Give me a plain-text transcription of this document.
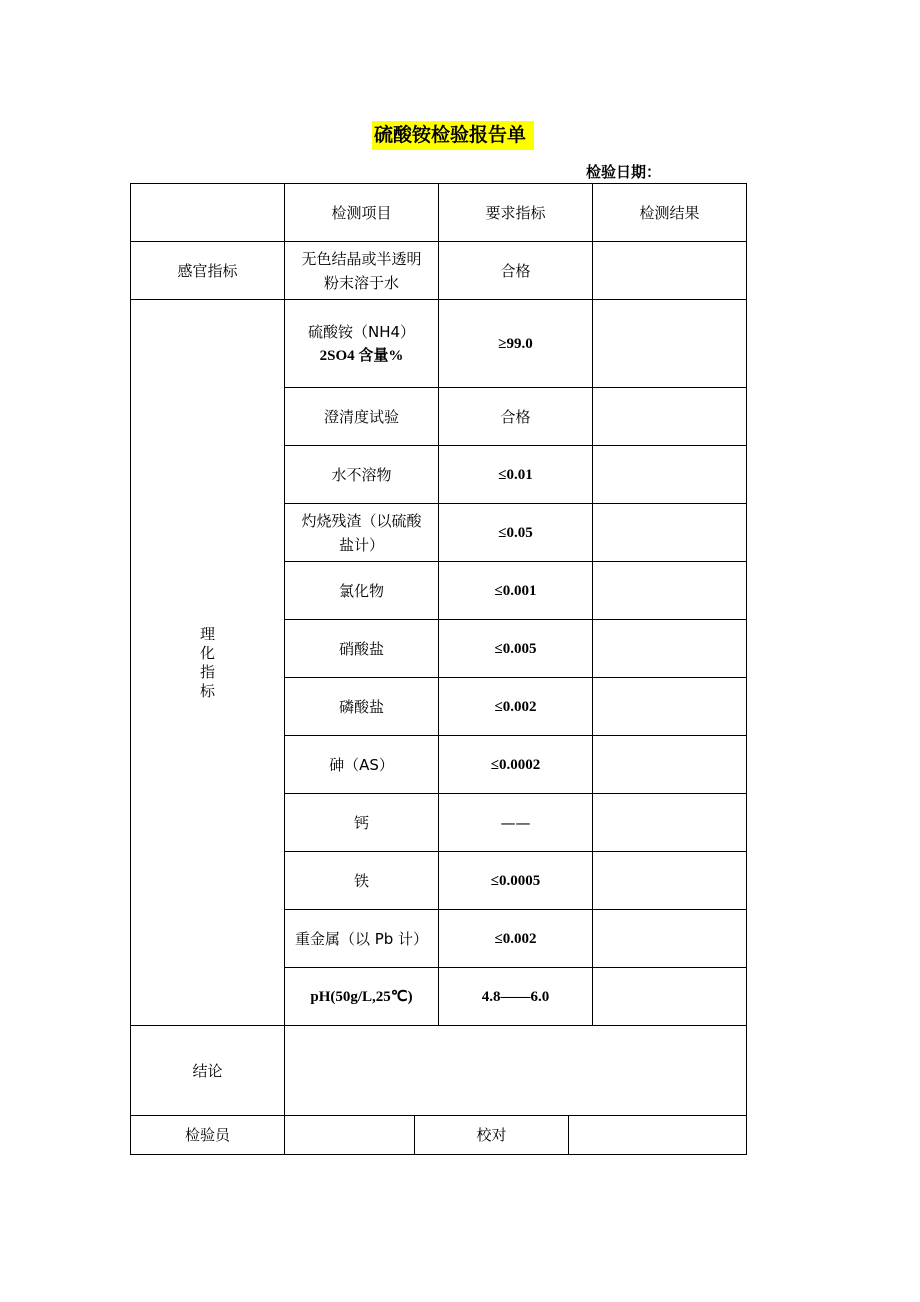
硫酸铵检验报告单
检验日期：
	检测项目		要求指标		检测结果
感官指标	无色结晶或半透明
粉末溶于水		合格		

理化指标	硫酸铵（NH4）
2SO4 含量%		≥99.0		
	澄清度试验		合格		
	水不溶物		≤0.01		

	灼烧残渣（以硫酸
盐计）		≤0.05		
	氯化物		≤0.001		
	硝酸盐		≤0.005		
	磷酸盐		≤0.002		
	砷（AS）		≤0.0002		
	钙		——		
	铁		≤0.0005		
	重金属（以 Pb 计）		≤0.002		
	pH(50g/L,25℃)		4.8——6.0		
结论					
检验员		校对			
